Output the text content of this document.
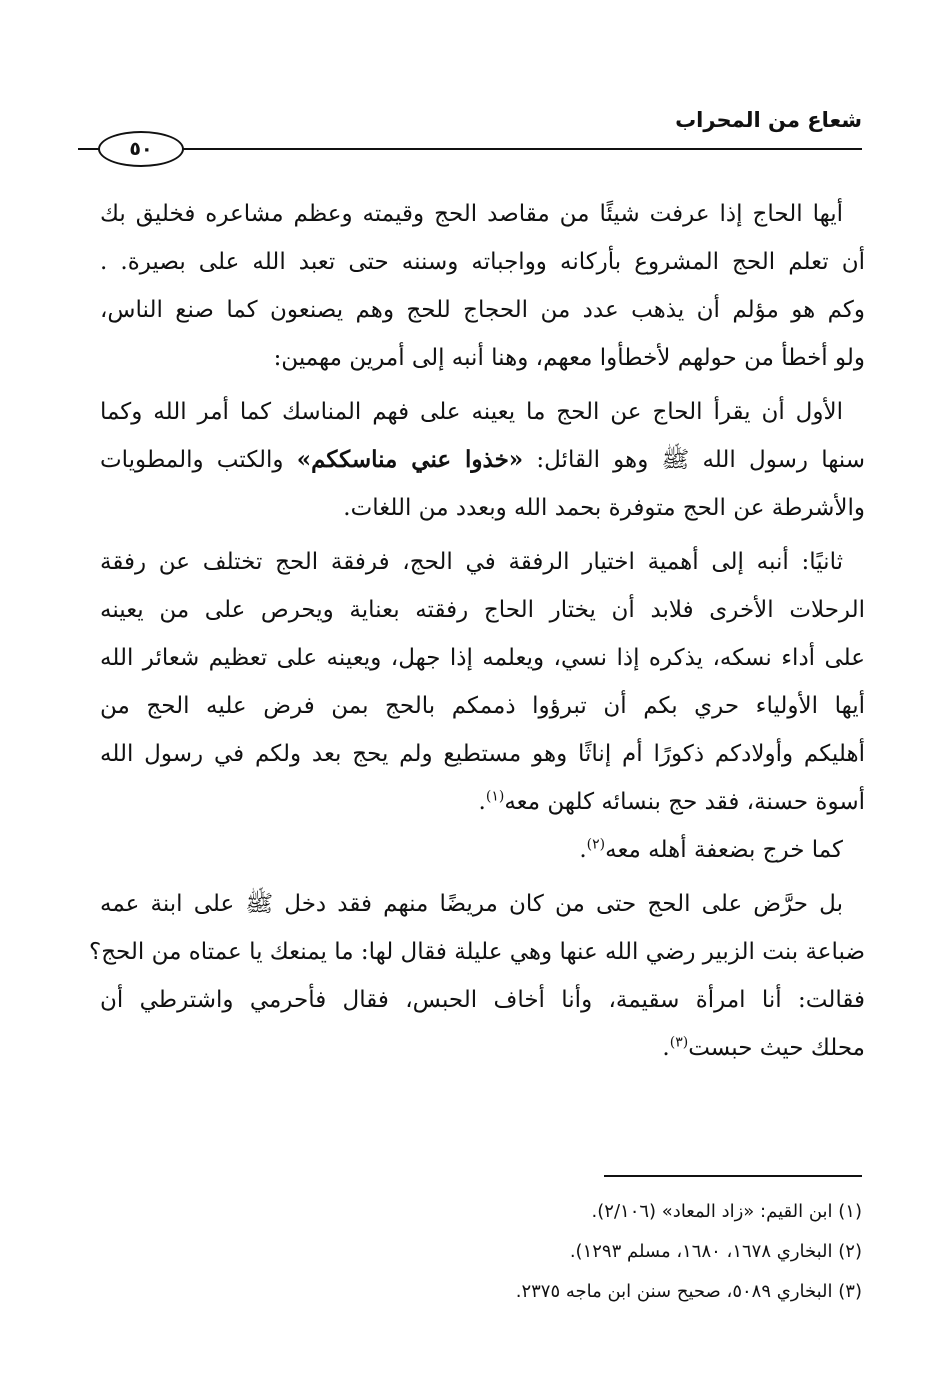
شعاع من المحراب
٥٠

أيها الحاج إذا عرفت شيئًا من مقاصد الحج وقيمته وعظم مشاعره فخليق بك
أن تعلم الحج المشروع بأركانه وواجباته وسننه حتى تعبد الله على بصيرة. .
وكم هو مؤلم أن يذهب عدد من الحجاج للحج وهم يصنعون كما صنع الناس،
ولو أخطأ من حولهم لأخطأوا معهم، وهنا أنبه إلى أمرين مهمين:

الأول أن يقرأ الحاج عن الحج ما يعينه على فهم المناسك كما أمر الله وكما
سنها رسول الله ﷺ وهو القائل: «خذوا عني مناسككم» والكتب والمطويات
والأشرطة عن الحج متوفرة بحمد الله وبعدد من اللغات.

ثانيًا: أنبه إلى أهمية اختيار الرفقة في الحج، فرفقة الحج تختلف عن رفقة
الرحلات الأخرى فلابد أن يختار الحاج رفقته بعناية ويحرص على من يعينه
على أداء نسكه، يذكره إذا نسي، ويعلمه إذا جهل، ويعينه على تعظيم شعائر الله
أيها الأولياء حري بكم أن تبرؤوا ذممكم بالحج بمن فرض عليه الحج من
أهليكم وأولادكم ذكورًا أم إناثًا وهو مستطيع ولم يحج بعد ولكم في رسول الله
أسوة حسنة، فقد حج بنسائه كلهن معه$^{(١)}$.

كما خرج بضعفة أهله معه$^{(٢)}$.

بل حرَّض على الحج حتى من كان مريضًا منهم فقد دخل ﷺ على ابنة عمه
ضباعة بنت الزبير رضي الله عنها وهي عليلة فقال لها: ما يمنعك يا عمتاه من الحج؟
فقالت: أنا امرأة سقيمة، وأنا أخاف الحبس، فقال فأحرمي واشترطي أن
محلك حيث حبست$^{(٣)}$.

(١) ابن القيم: «زاد المعاد» (٢/١٠٦).
(٢) البخاري ١٦٧٨، ١٦٨٠، مسلم ١٢٩٣).
(٣) البخاري ٥٠٨٩، صحيح سنن ابن ماجه ٢٣٧٥.
